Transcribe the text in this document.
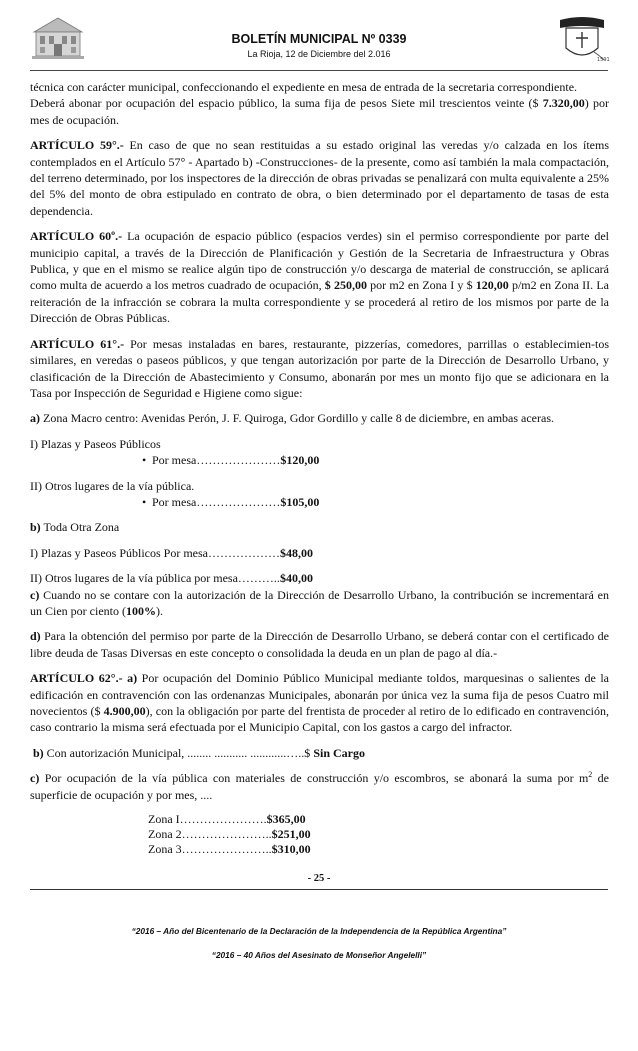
BOLETÍN MUNICIPAL Nº 0339
La Rioja, 12 de Diciembre del 2.016
1591

técnica con carácter municipal, confeccionando el expediente en mesa de entrada de la secretaria correspondiente.

Deberá abonar por ocupación del espacio público, la suma fija de pesos Siete mil trescientos veinte ($ 7.320,00) por mes de ocupación.

ARTÍCULO 59°.- En caso de que no sean restituidas a su estado original las veredas y/o calzada en los ítems contemplados en el Artículo 57° - Apartado b) -Construcciones- de la presente, como así también la mala compactación, del terreno determinado, por los inspectores de la dirección de obras privadas se penalizará con multa equivalente a 25% del 5% del monto de obra estipulado en contrato de obra, o bien determinado por el departamento de tasas de esta dependencia.

ARTÍCULO 60º.- La ocupación de espacio público (espacios verdes) sin el permiso correspondiente por parte del municipio capital, a través de la Dirección de Planificación y Gestión de la Secretaria de Infraestructura y Obras Publica, y que en el mismo se realice algún tipo de construcción y/o descarga de material de construcción, se aplicará como multa de acuerdo a los metros cuadrado de ocupación, $ 250,00 por m2 en Zona I y $ 120,00 p/m2 en Zona II. La reiteración de la infracción se cobrara la multa correspondiente y se procederá al retiro de los mismos por parte de la Dirección de Obras Públicas.

ARTÍCULO 61°.- Por mesas instaladas en bares, restaurante, pizzerías, comedores, parrillas o establecimien-tos similares, en veredas o paseos públicos, y que tengan autorización por parte de la Dirección de Desarrollo Urbano, y clasificación de la Dirección de Abastecimiento y Consumo, abonarán por mes un monto fijo que se adicionara en la Tasa por Inspección de Seguridad e Higiene como sigue:

a) Zona Macro centro: Avenidas Perón, J. F. Quiroga, Gdor Gordillo y calle 8 de diciembre, en ambas aceras.

I) Plazas y Paseos Públicos

• Por mesa…………………$120,00

II) Otros lugares de la vía pública.

• Por mesa…………………$105,00

b) Toda Otra Zona

I) Plazas y Paseos Públicos Por mesa………………$48,00

II) Otros lugares de la vía pública por mesa………..$40,00

c) Cuando no se contare con la autorización de la Dirección de Desarrollo Urbano, la contribución se incrementará en un Cien por ciento (100%).

d) Para la obtención del permiso por parte de la Dirección de Desarrollo Urbano, se deberá contar con el certificado de libre deuda de Tasas Diversas en este concepto o consolidada la deuda en un plan de pago al día.-

ARTÍCULO 62°.- a) Por ocupación del Dominio Público Municipal mediante toldos, marquesinas o salientes de la edificación en contravención con las ordenanzas Municipales, abonarán por única vez la suma fija de pesos Cuatro mil novecientos ($ 4.900,00), con la obligación por parte del frentista de proceder al retiro de lo edificado en contravención, caso contrario la misma será efectuada por el Municipio Capital, con los gastos a cargo del infractor.

b) Con autorización Municipal, ........ ........... ............…..$ Sin Cargo

c) Por ocupación de la vía pública con materiales de construcción y/o escombros, se abonará la suma por $m^2$ de superficie de ocupación y por mes, ....

Zona I………………….$365,00

Zona 2…………………..$251,00

Zona 3…………………..$310,00

- 25 -
“2016 – Año del Bicentenario de la Declaración de la Independencia de la República Argentina”
“2016 – 40 Años del Asesinato de Monseñor Angelelli”
